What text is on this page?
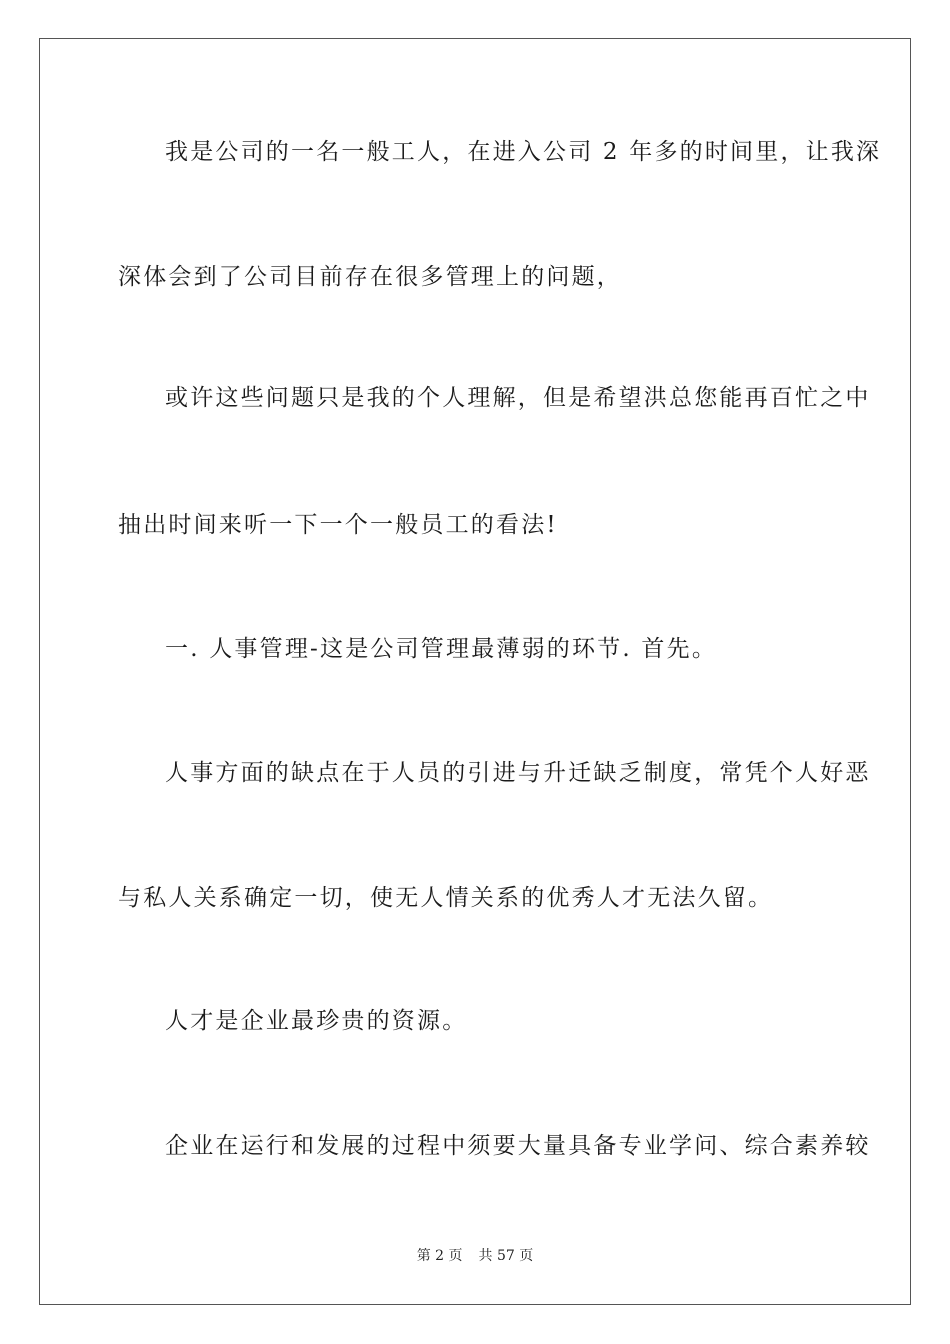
我是公司的一名一般工人，在进入公司 2 年多的时间里，让我深
深体会到了公司目前存在很多管理上的问题，
或许这些问题只是我的个人理解，但是希望洪总您能再百忙之中
抽出时间来听一下一个一般员工的看法!
一. 人事管理-这是公司管理最薄弱的环节. 首先。
人事方面的缺点在于人员的引进与升迁缺乏制度，常凭个人好恶
与私人关系确定一切，使无人情关系的优秀人才无法久留。
人才是企业最珍贵的资源。
企业在运行和发展的过程中须要大量具备专业学问、综合素养较
第 2 页 共 57 页
